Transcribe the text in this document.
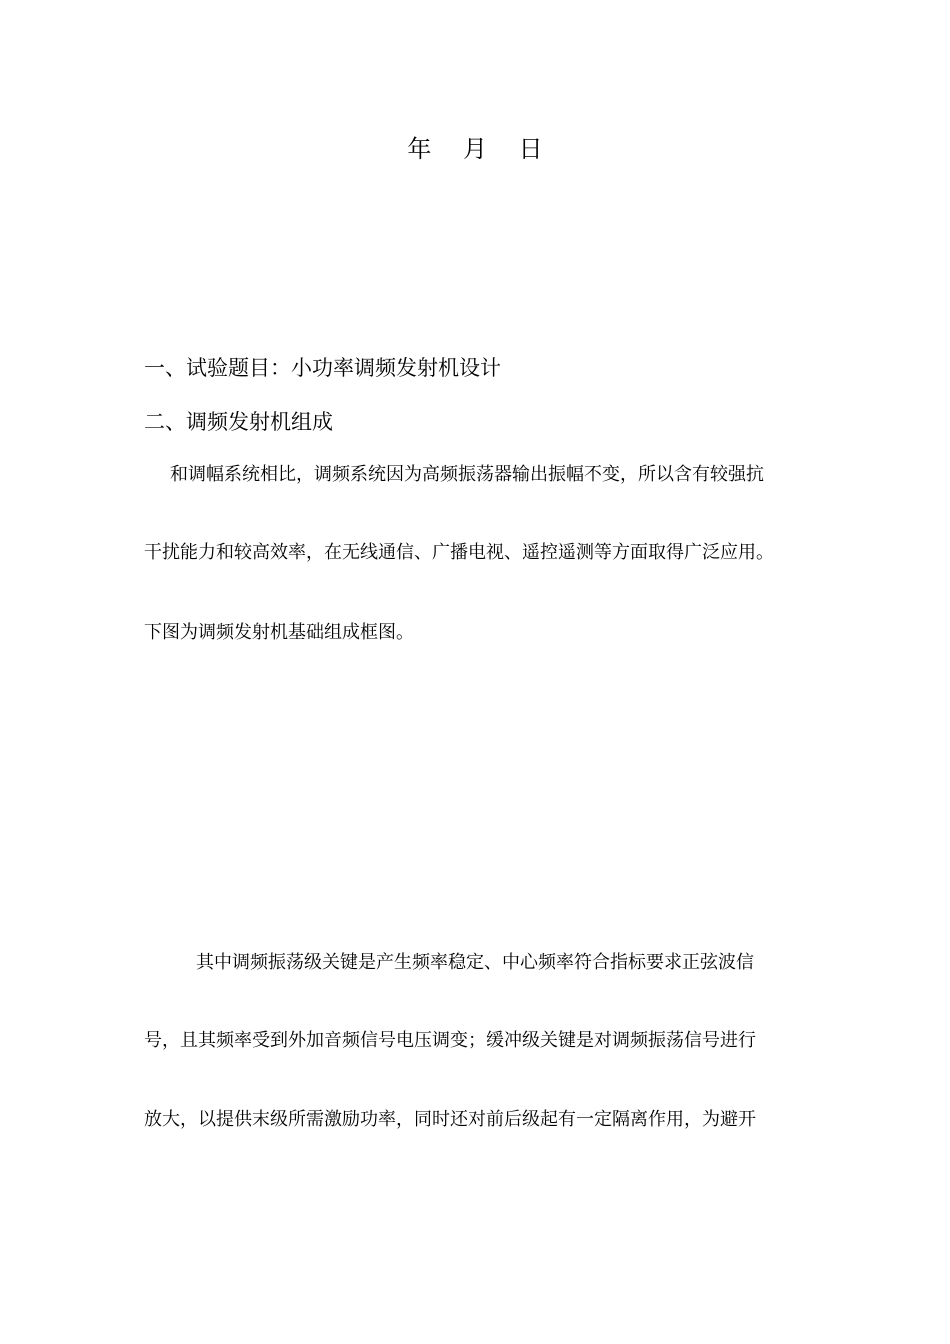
年 月 日
一、试验题目：小功率调频发射机设计
二、调频发射机组成
和调幅系统相比，调频系统因为高频振荡器输出振幅不变，所以含有较强抗
干扰能力和较高效率，在无线通信、广播电视、遥控遥测等方面取得广泛应用。
下图为调频发射机基础组成框图。
其中调频振荡级关键是产生频率稳定、中心频率符合指标要求正弦波信
号，且其频率受到外加音频信号电压调变；缓冲级关键是对调频振荡信号进行
放大，以提供末级所需激励功率，同时还对前后级起有一定隔离作用，为避开
